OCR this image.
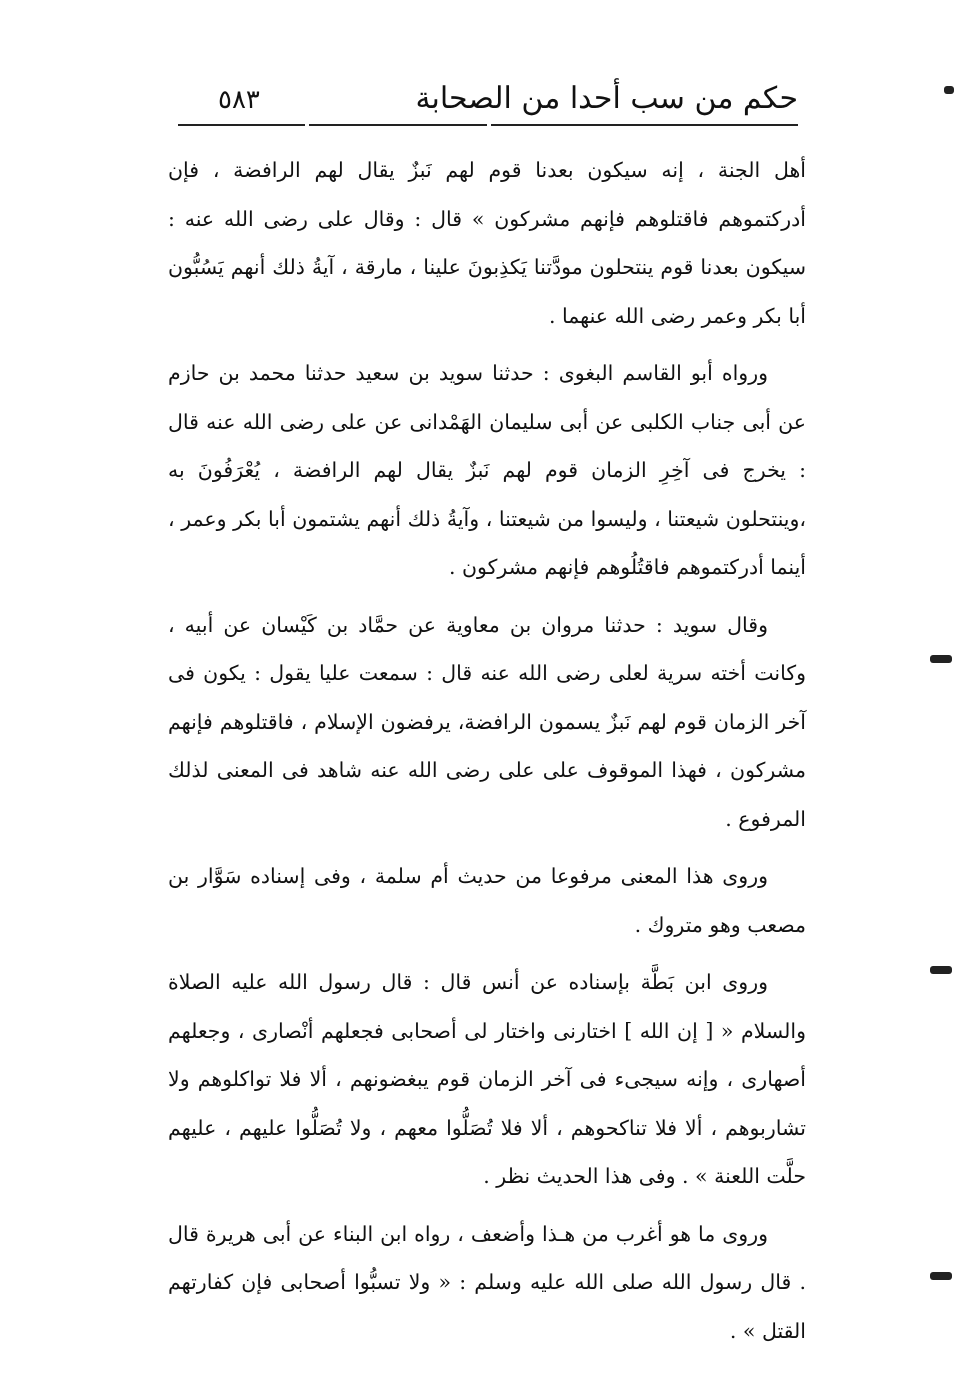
حكم من سب أحدا من الصحابة
٥٨٣

أهل الجنة ، إنه سيكون بعدنا قوم لهم نَبزٌ يقال لهم الرافضة ، فإن أدركتموهم فاقتلوهم فإنهم مشركون » قال : وقال على رضى الله عنه : سيكون بعدنا قوم ينتحلون مودَّتنا يَكذِبونَ علينا ، مارقة ، آيةُ ذلك أنهم يَسُبُّون أبا بكر وعمر رضى الله عنهما .

ورواه أبو القاسم البغوى : حدثنا سويد بن سعيد حدثنا محمد بن حازم عن أبى جناب الكلبى عن أبى سليمان الهَمْدانى عن على رضى الله عنه قال : يخرج فى آخِرِ الزمان قوم لهم نَبزٌ يقال لهم الرافضة ، يُعْرَفُونَ به ،وينتحلون شيعتنا ، وليسوا من شيعتنا ، وآيةُ ذلك أنهم يشتمون أبا بكر وعمر ، أينما أدركتموهم فاقتُلُوهم فإنهم مشركون .

وقال سويد : حدثنا مروان بن معاوية عن حمَّاد بن كَيْسان عن أبيه ، وكانت أخته سرية لعلى رضى الله عنه قال : سمعت عليا يقول : يكون فى آخر الزمان قوم لهم نَبزٌ يسمون الرافضة، يرفضون الإسلام ، فاقتلوهم فإنهم مشركون ، فهذا الموقوف على على رضى الله عنه شاهد فى المعنى لذلك المرفوع .

وروى هذا المعنى مرفوعا من حديث أم سلمة ، وفى إسناده سَوَّار بن مصعب وهو متروك .

وروى ابن بَطَّة بإسناده عن أنس قال : قال رسول الله عليه الصلاة والسلام « [ إن الله ] اختارنى واختار لى أصحابى فجعلهم أنْصارى ، وجعلهم أصهارى ، وإنه سيجىء فى آخر الزمان قوم يبغضونهم ، ألا فلا تواكلوهم ولا تشاربوهم ، ألا فلا تناكحوهم ، ألا فلا تُصَلُّوا معهم ، ولا تُصَلُّوا عليهم ، عليهم حلَّت اللعنة » . وفى هذا الحديث نظر .

وروى ما هو أغرب من هـذا وأضعف ، رواه ابن البناء عن أبى هريرة قال . قال رسول الله صلى الله عليه وسلم : « ولا تسبُّوا أصحابى فإن كفارتهم القتل » .
